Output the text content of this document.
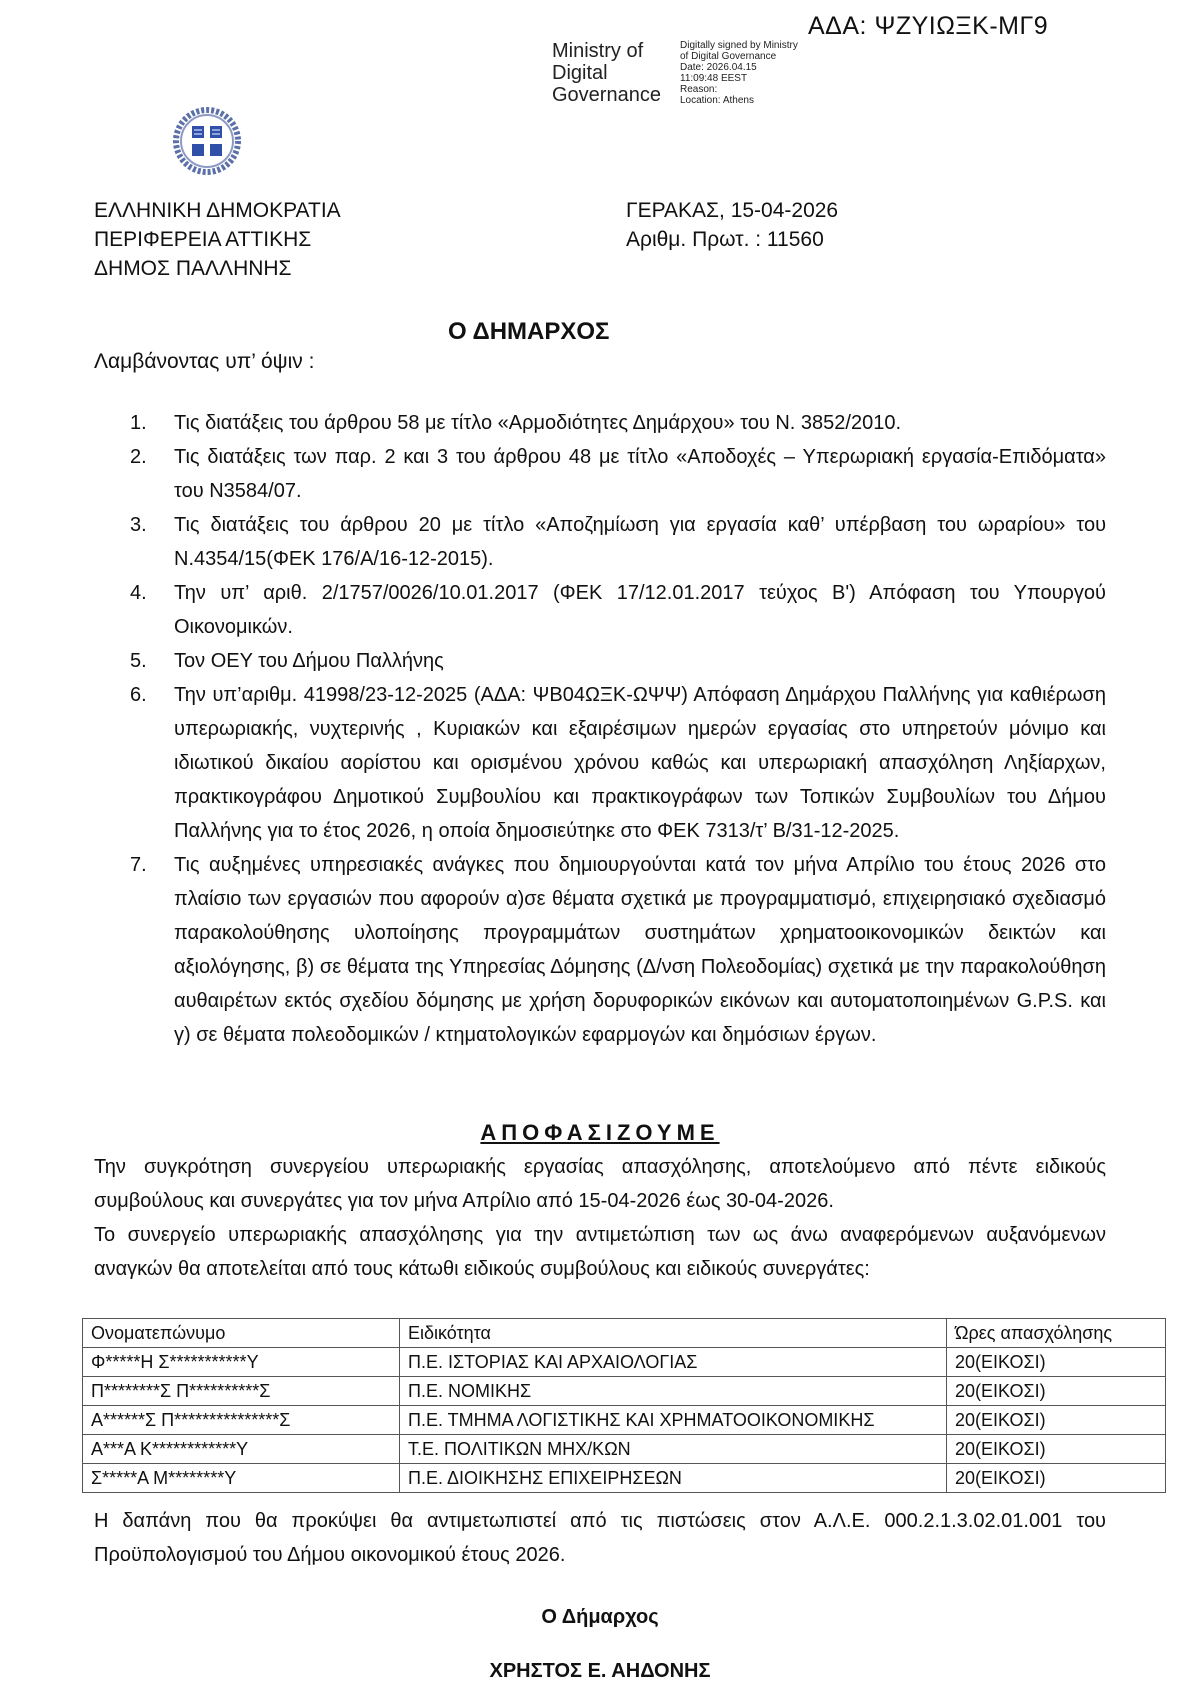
ΑΔΑ: ΨΖΥΙΩΞΚ-ΜΓ9
Ministry of
Digital
Governance
Digitally signed by Ministry
of Digital Governance
Date: 2026.04.15
11:09:48 EEST
Reason:
Location: Athens
ΕΛΛΗΝΙΚΗ ΔΗΜΟΚΡΑΤΙΑ
ΠΕΡΙΦΕΡΕΙΑ ΑΤΤΙΚΗΣ
ΔΗΜΟΣ ΠΑΛΛΗΝΗΣ
ΓΕΡΑΚΑΣ, 15-04-2026
Αριθμ. Πρωτ. : 11560
Ο ΔΗΜΑΡΧΟΣ
Λαμβάνοντας υπ’ όψιν :
1. Τις διατάξεις του άρθρου 58 με τίτλο «Αρμοδιότητες Δημάρχου» του Ν. 3852/2010.
2. Τις διατάξεις των παρ. 2 και 3 του άρθρου 48 με τίτλο «Αποδοχές – Υπερωριακή εργασία-Επιδόματα» του Ν3584/07.
3. Τις διατάξεις του άρθρου 20 με τίτλο «Αποζημίωση για εργασία καθ’ υπέρβαση του ωραρίου» του Ν.4354/15(ΦΕΚ 176/Α/16-12-2015).
4. Την υπ’ αριθ. 2/1757/0026/10.01.2017 (ΦΕΚ 17/12.01.2017 τεύχος Β') Απόφαση του Υπουργού Οικονομικών.
5. Τον ΟΕΥ του Δήμου Παλλήνης
6. Την υπ’αριθμ. 41998/23-12-2025 (ΑΔΑ: ΨΒ04ΩΞΚ-ΩΨΨ) Απόφαση Δημάρχου Παλλήνης για καθιέρωση υπερωριακής, νυχτερινής , Κυριακών και εξαιρέσιμων ημερών εργασίας στο υπηρετούν μόνιμο και ιδιωτικού δικαίου αορίστου και ορισμένου χρόνου καθώς και υπερωριακή απασχόληση Ληξίαρχων, πρακτικογράφου Δημοτικού Συμβουλίου και πρακτικογράφων των Τοπικών Συμβουλίων του Δήμου Παλλήνης για το έτος 2026, η οποία δημοσιεύτηκε στο ΦΕΚ 7313/τ’ Β/31-12-2025.
7. Τις αυξημένες υπηρεσιακές ανάγκες που δημιουργούνται κατά τον μήνα Απρίλιο του έτους 2026 στο πλαίσιο των εργασιών που αφορούν α)σε θέματα σχετικά με προγραμματισμό, επιχειρησιακό σχεδιασμό παρακολούθησης υλοποίησης προγραμμάτων συστημάτων χρηματοοικονομικών δεικτών και αξιολόγησης, β) σε θέματα της Υπηρεσίας Δόμησης (Δ/νση Πολεοδομίας) σχετικά με την παρακολούθηση αυθαιρέτων εκτός σχεδίου δόμησης με χρήση δορυφορικών εικόνων και αυτοματοποιημένων G.P.S. και γ) σε θέματα πολεοδομικών / κτηματολογικών εφαρμογών και δημόσιων έργων.
ΑΠΟΦΑΣΙΖΟΥΜΕ
Την συγκρότηση συνεργείου υπερωριακής εργασίας απασχόλησης, αποτελούμενο από πέντε ειδικούς συμβούλους και συνεργάτες για τον μήνα Απρίλιο από 15-04-2026 έως 30-04-2026.
Το συνεργείο υπερωριακής απασχόλησης για την αντιμετώπιση των ως άνω αναφερόμενων αυξανόμενων αναγκών θα αποτελείται από τους κάτωθι ειδικούς συμβούλους και ειδικούς συνεργάτες:
Ονοματεπώνυμο	Ειδικότητα	Ώρες απασχόλησης
Φ*****Η Σ***********Υ	Π.Ε. ΙΣΤΟΡΙΑΣ ΚΑΙ ΑΡΧΑΙΟΛΟΓΙΑΣ	20(ΕΙΚΟΣΙ)
Π********Σ Π**********Σ	Π.Ε. ΝΟΜΙΚΗΣ	20(ΕΙΚΟΣΙ)
Α******Σ Π***************Σ	Π.Ε. ΤΜΗΜΑ ΛΟΓΙΣΤΙΚΗΣ ΚΑΙ ΧΡΗΜΑΤΟΟΙΚΟΝΟΜΙΚΗΣ	20(ΕΙΚΟΣΙ)
Α***Α Κ************Υ	Τ.Ε. ΠΟΛΙΤΙΚΩΝ ΜΗΧ/ΚΩΝ	20(ΕΙΚΟΣΙ)
Σ*****Α Μ********Υ	Π.Ε. ΔΙΟΙΚΗΣΗΣ ΕΠΙΧΕΙΡΗΣΕΩΝ	20(ΕΙΚΟΣΙ)
Η δαπάνη που θα προκύψει θα αντιμετωπιστεί από τις πιστώσεις στον Α.Λ.Ε. 000.2.1.3.02.01.001 του Προϋπολογισμού του Δήμου οικονομικού έτους 2026.
Ο Δήμαρχος
ΧΡΗΣΤΟΣ Ε. ΑΗΔΟΝΗΣ
